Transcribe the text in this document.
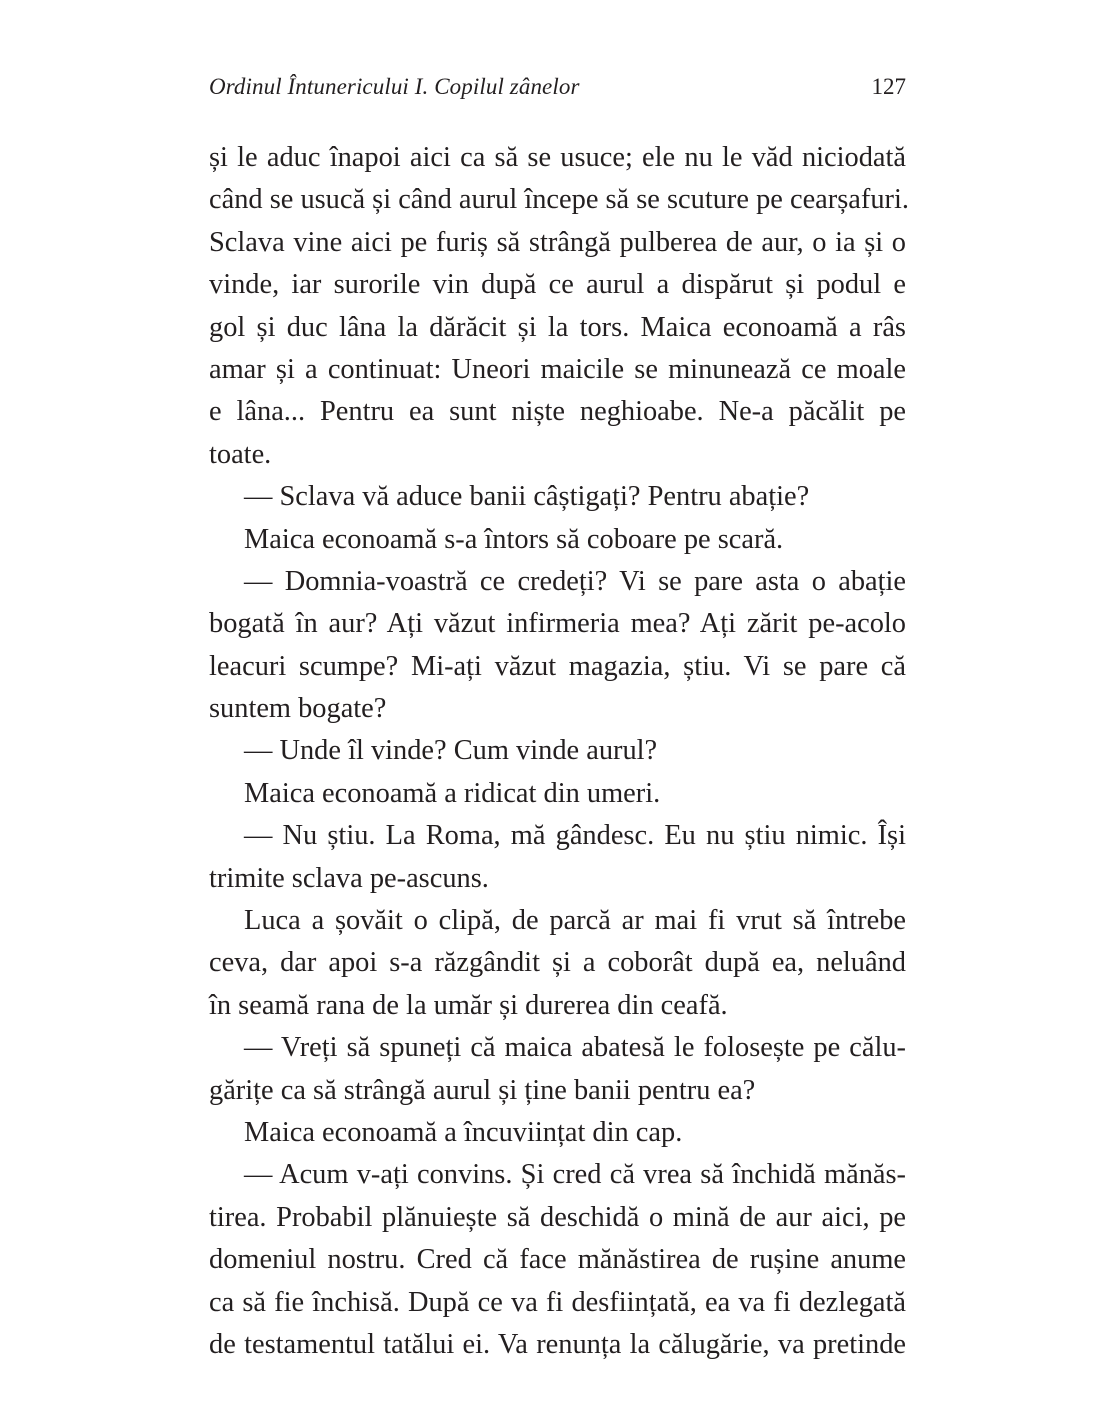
Ordinul Întunericului I. Copilul zânelor	127
și le aduc înapoi aici ca să se usuce; ele nu le văd niciodată
când se usucă și când aurul începe să se scuture pe cearșafuri.
Sclava vine aici pe furiș să strângă pulberea de aur, o ia și o
vinde, iar surorile vin după ce aurul a dispărut și podul e
gol și duc lâna la dărăcit și la tors. Maica econoamă a râs
amar și a continuat: Uneori maicile se minunează ce moale
e lâna... Pentru ea sunt niște neghioabe. Ne-a păcălit pe
toate.
— Sclava vă aduce banii câștigați? Pentru abație?
Maica econoamă s-a întors să coboare pe scară.
— Domnia-voastră ce credeți? Vi se pare asta o abație
bogată în aur? Ați văzut infirmeria mea? Ați zărit pe-acolo
leacuri scumpe? Mi-ați văzut magazia, știu. Vi se pare că
suntem bogate?
— Unde îl vinde? Cum vinde aurul?
Maica econoamă a ridicat din umeri.
— Nu știu. La Roma, mă gândesc. Eu nu știu nimic. Își
trimite sclava pe-ascuns.
Luca a șovăit o clipă, de parcă ar mai fi vrut să întrebe
ceva, dar apoi s-a răzgândit și a coborât după ea, neluând
în seamă rana de la umăr și durerea din ceafă.
— Vreți să spuneți că maica abatesă le folosește pe călu-
gărițe ca să strângă aurul și ține banii pentru ea?
Maica econoamă a încuviințat din cap.
— Acum v-ați convins. Și cred că vrea să închidă mănăs-
tirea. Probabil plănuiește să deschidă o mină de aur aici, pe
domeniul nostru. Cred că face mănăstirea de rușine anume
ca să fie închisă. După ce va fi desființată, ea va fi dezlegată
de testamentul tatălui ei. Va renunța la călugărie, va pretinde
